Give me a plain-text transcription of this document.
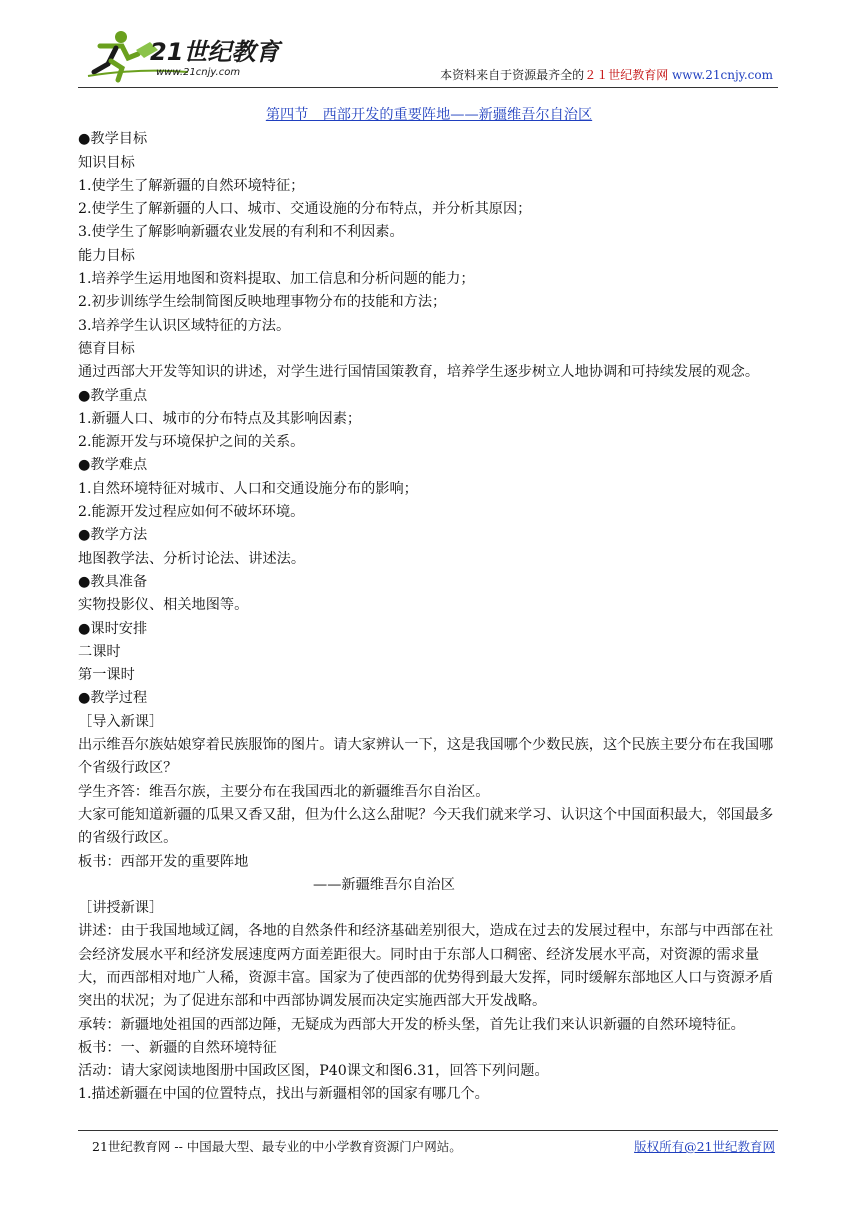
21世纪教育
www.21cnjy.com	本资料来自于资源最齐全的２１世纪教育网 www.21cnjy.com

第四节　西部开发的重要阵地——新疆维吾尔自治区

●教学目标

知识目标

1.使学生了解新疆的自然环境特征；

2.使学生了解新疆的人口、城市、交通设施的分布特点，并分析其原因；

3.使学生了解影响新疆农业发展的有利和不利因素。

能力目标

1.培养学生运用地图和资料提取、加工信息和分析问题的能力；

2.初步训练学生绘制简图反映地理事物分布的技能和方法；

3.培养学生认识区域特征的方法。

德育目标

通过西部大开发等知识的讲述，对学生进行国情国策教育，培养学生逐步树立人地协调和可持续发展的观念。

●教学重点

1.新疆人口、城市的分布特点及其影响因素；

2.能源开发与环境保护之间的关系。

●教学难点

1.自然环境特征对城市、人口和交通设施分布的影响；

2.能源开发过程应如何不破坏环境。

●教学方法

地图教学法、分析讨论法、讲述法。

●教具准备

实物投影仪、相关地图等。

●课时安排

二课时

第一课时

●教学过程

［导入新课］

出示维吾尔族姑娘穿着民族服饰的图片。请大家辨认一下，这是我国哪个少数民族，这个民族主要分布在我国哪个省级行政区？

学生齐答：维吾尔族，主要分布在我国西北的新疆维吾尔自治区。

大家可能知道新疆的瓜果又香又甜，但为什么这么甜呢？今天我们就来学习、认识这个中国面积最大，邻国最多的省级行政区。

板书：西部开发的重要阵地

——新疆维吾尔自治区

［讲授新课］

讲述：由于我国地域辽阔，各地的自然条件和经济基础差别很大，造成在过去的发展过程中，东部与中西部在社会经济发展水平和经济发展速度两方面差距很大。同时由于东部人口稠密、经济发展水平高，对资源的需求量大，而西部相对地广人稀，资源丰富。国家为了使西部的优势得到最大发挥，同时缓解东部地区人口与资源矛盾突出的状况；为了促进东部和中西部协调发展而决定实施西部大开发战略。

承转：新疆地处祖国的西部边陲，无疑成为西部大开发的桥头堡，首先让我们来认识新疆的自然环境特征。

板书：一、新疆的自然环境特征

活动：请大家阅读地图册中国政区图，P40课文和图6.31，回答下列问题。

1.描述新疆在中国的位置特点，找出与新疆相邻的国家有哪几个。

21世纪教育网 -- 中国最大型、最专业的中小学教育资源门户网站。	版权所有@21世纪教育网
